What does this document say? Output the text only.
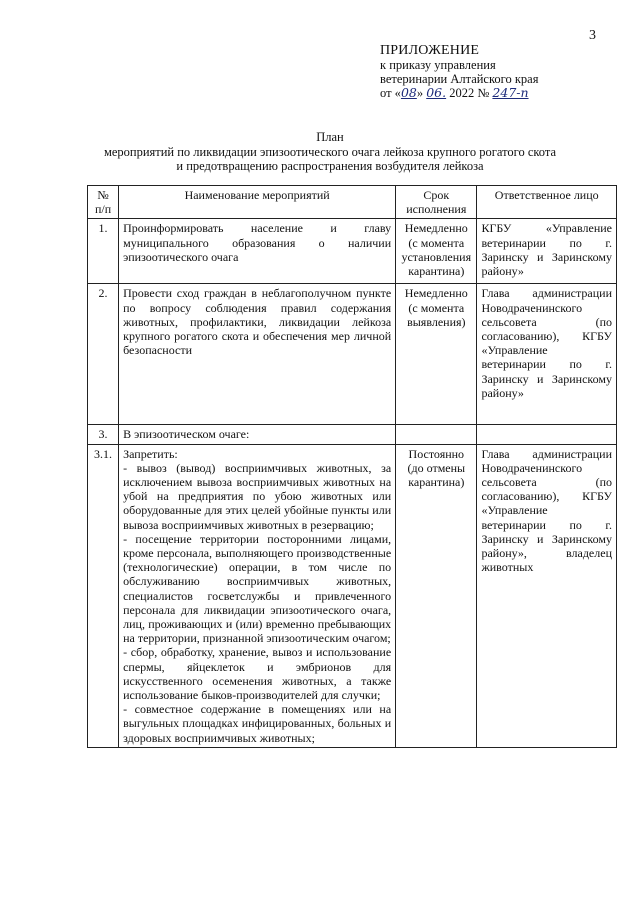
3
ПРИЛОЖЕНИЕ
к приказу управления
ветеринарии Алтайского края
от «08» 06. 2022 № 247-п
План
мероприятий по ликвидации эпизоотического очага лейкоза крупного рогатого скота
и предотвращению распространения возбудителя лейкоза
№ п/п	Наименование мероприятий	Срок исполнения	Ответственное лицо
1.	Проинформировать население и главу муниципального образования о наличии эпизоотического очага	Немедленно (с момента установления карантина)	КГБУ «Управление ветеринарии по г. Заринску и Заринскому району»
2.	Провести сход граждан в неблагополучном пункте по вопросу соблюдения правил содержания животных, профилактики, ликвидации лейкоза крупного рогатого скота и обеспечения мер личной безопасности	Немедленно (с момента выявления)	Глава администрации Новодраченинского сельсовета (по согласованию), КГБУ «Управление ветеринарии по г. Заринску и Заринскому району»
3.	В эпизоотическом очаге:		
3.1.	Запретить:
- вывоз (вывод) восприимчивых животных, за исключением вывоза восприимчивых животных на убой на предприятия по убою животных или оборудованные для этих целей убойные пункты или вывоза восприимчивых животных в резервацию;
- посещение территории посторонними лицами, кроме персонала, выполняющего производственные (технологические) операции, в том числе по обслуживанию восприимчивых животных, специалистов госветслужбы и привлеченного персонала для ликвидации эпизоотического очага, лиц, проживающих и (или) временно пребывающих на территории, признанной эпизоотическим очагом;
- сбор, обработку, хранение, вывоз и использование спермы, яйцеклеток и эмбрионов для искусственного осеменения животных, а также использование быков-производителей для случки;
- совместное содержание в помещениях или на выгульных площадках инфицированных, больных и здоровых восприимчивых животных;	Постоянно (до отмены карантина)	Глава администрации Новодраченинского сельсовета (по согласованию), КГБУ «Управление ветеринарии по г. Заринску и Заринскому району», владелец животных
